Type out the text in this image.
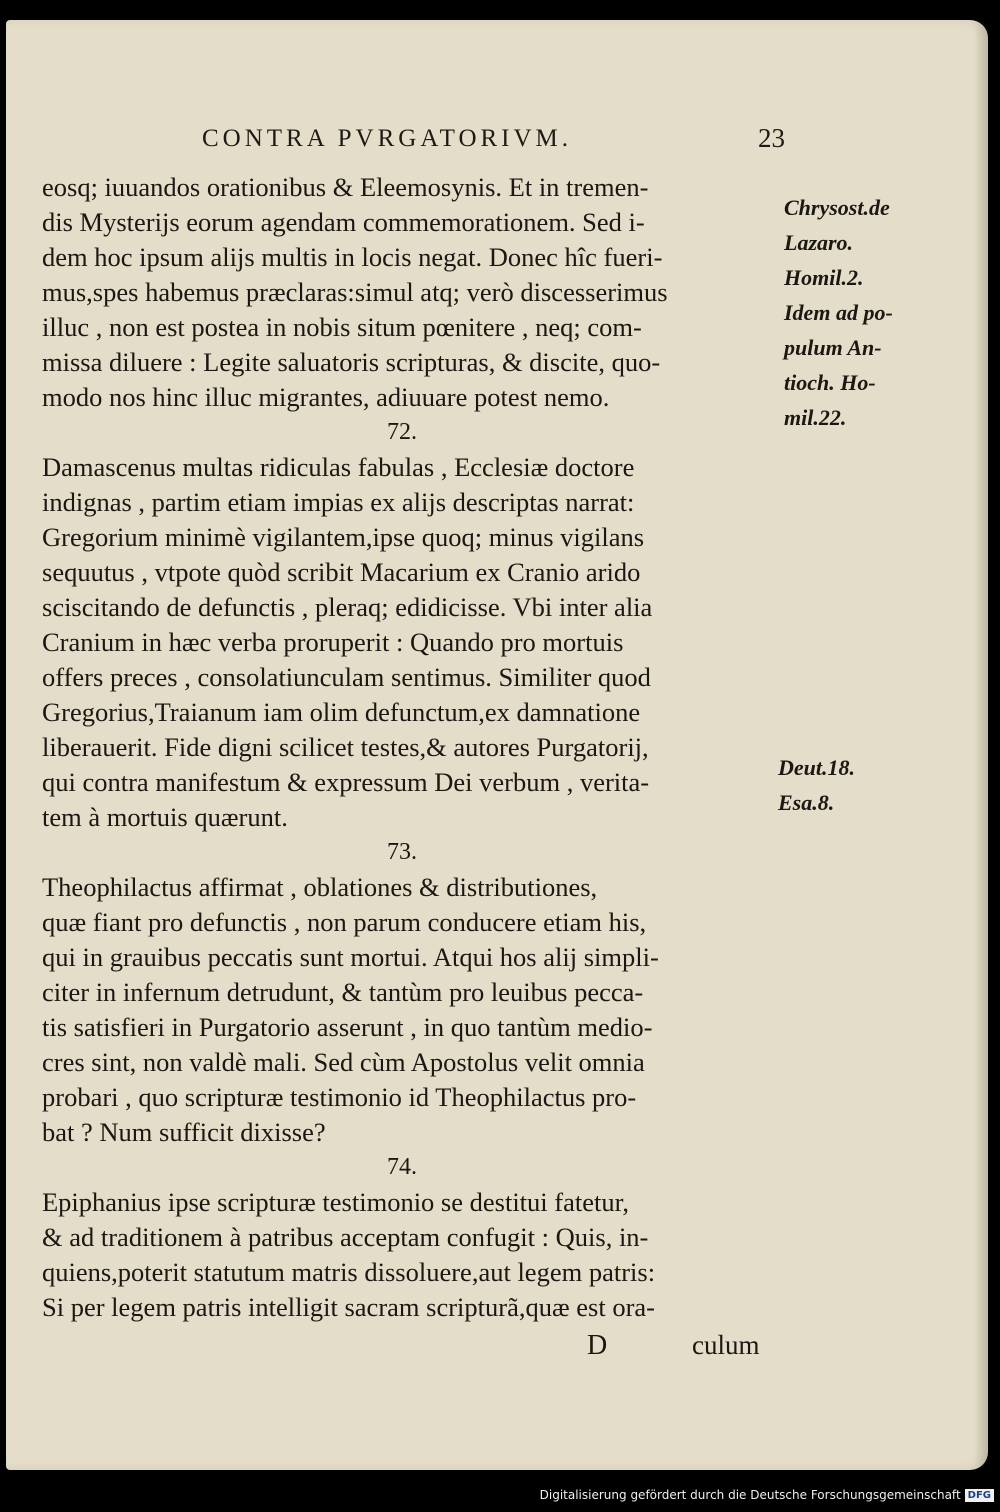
CONTRA PVRGATORIVM.	23
eosq; iuuandos orationibus & Eleemosynis. Et in tremen-
dis Mysterijs eorum agendam commemorationem. Sed i-
dem hoc ipsum alijs multis in locis negat. Donec hîc fueri-
mus,spes habemus præclaras:simul atq; verò discesserimus
illuc , non est postea in nobis situm pœnitere , neq; com-
missa diluere : Legite saluatoris scripturas, & discite, quo-
modo nos hinc illuc migrantes, adiuuare potest nemo.
72.
Damascenus multas ridiculas fabulas , Ecclesiæ doctore
indignas , partim etiam impias ex alijs descriptas narrat:
Gregorium minimè vigilantem,ipse quoq; minus vigilans
sequutus , vtpote quòd scribit Macarium ex Cranio arido
sciscitando de defunctis , pleraq; edidicisse. Vbi inter alia
Cranium in hæc verba proruperit : Quando pro mortuis
offers preces , consolatiunculam sentimus. Similiter quod
Gregorius,Traianum iam olim defunctum,ex damnatione
liberauerit. Fide digni scilicet testes,& autores Purgatorij,
qui contra manifestum & expressum Dei verbum , verita-
tem à mortuis quærunt.
73.
Theophilactus affirmat , oblationes & distributiones,
quæ fiant pro defunctis , non parum conducere etiam his,
qui in grauibus peccatis sunt mortui. Atqui hos alij simpli-
citer in infernum detrudunt, & tantùm pro leuibus pecca-
tis satisfieri in Purgatorio asserunt , in quo tantùm medio-
cres sint, non valdè mali. Sed cùm Apostolus velit omnia
probari , quo scripturæ testimonio id Theophilactus pro-
bat ? Num sufficit dixisse?
74.
Epiphanius ipse scripturæ testimonio se destitui fatetur,
& ad traditionem à patribus acceptam confugit : Quis, in-
quiens,poterit statutum matris dissoluere,aut legem patris:
Si per legem patris intelligit sacram scripturã,quæ est ora-
Chrysost.de
Lazaro.
Homil.2.
Idem ad po-
pulum An-
tioch. Ho-
mil.22.
Deut.18.
Esa.8.
D	culum
Digitalisierung gefördert durch die Deutsche Forschungsgemeinschaft DFG
